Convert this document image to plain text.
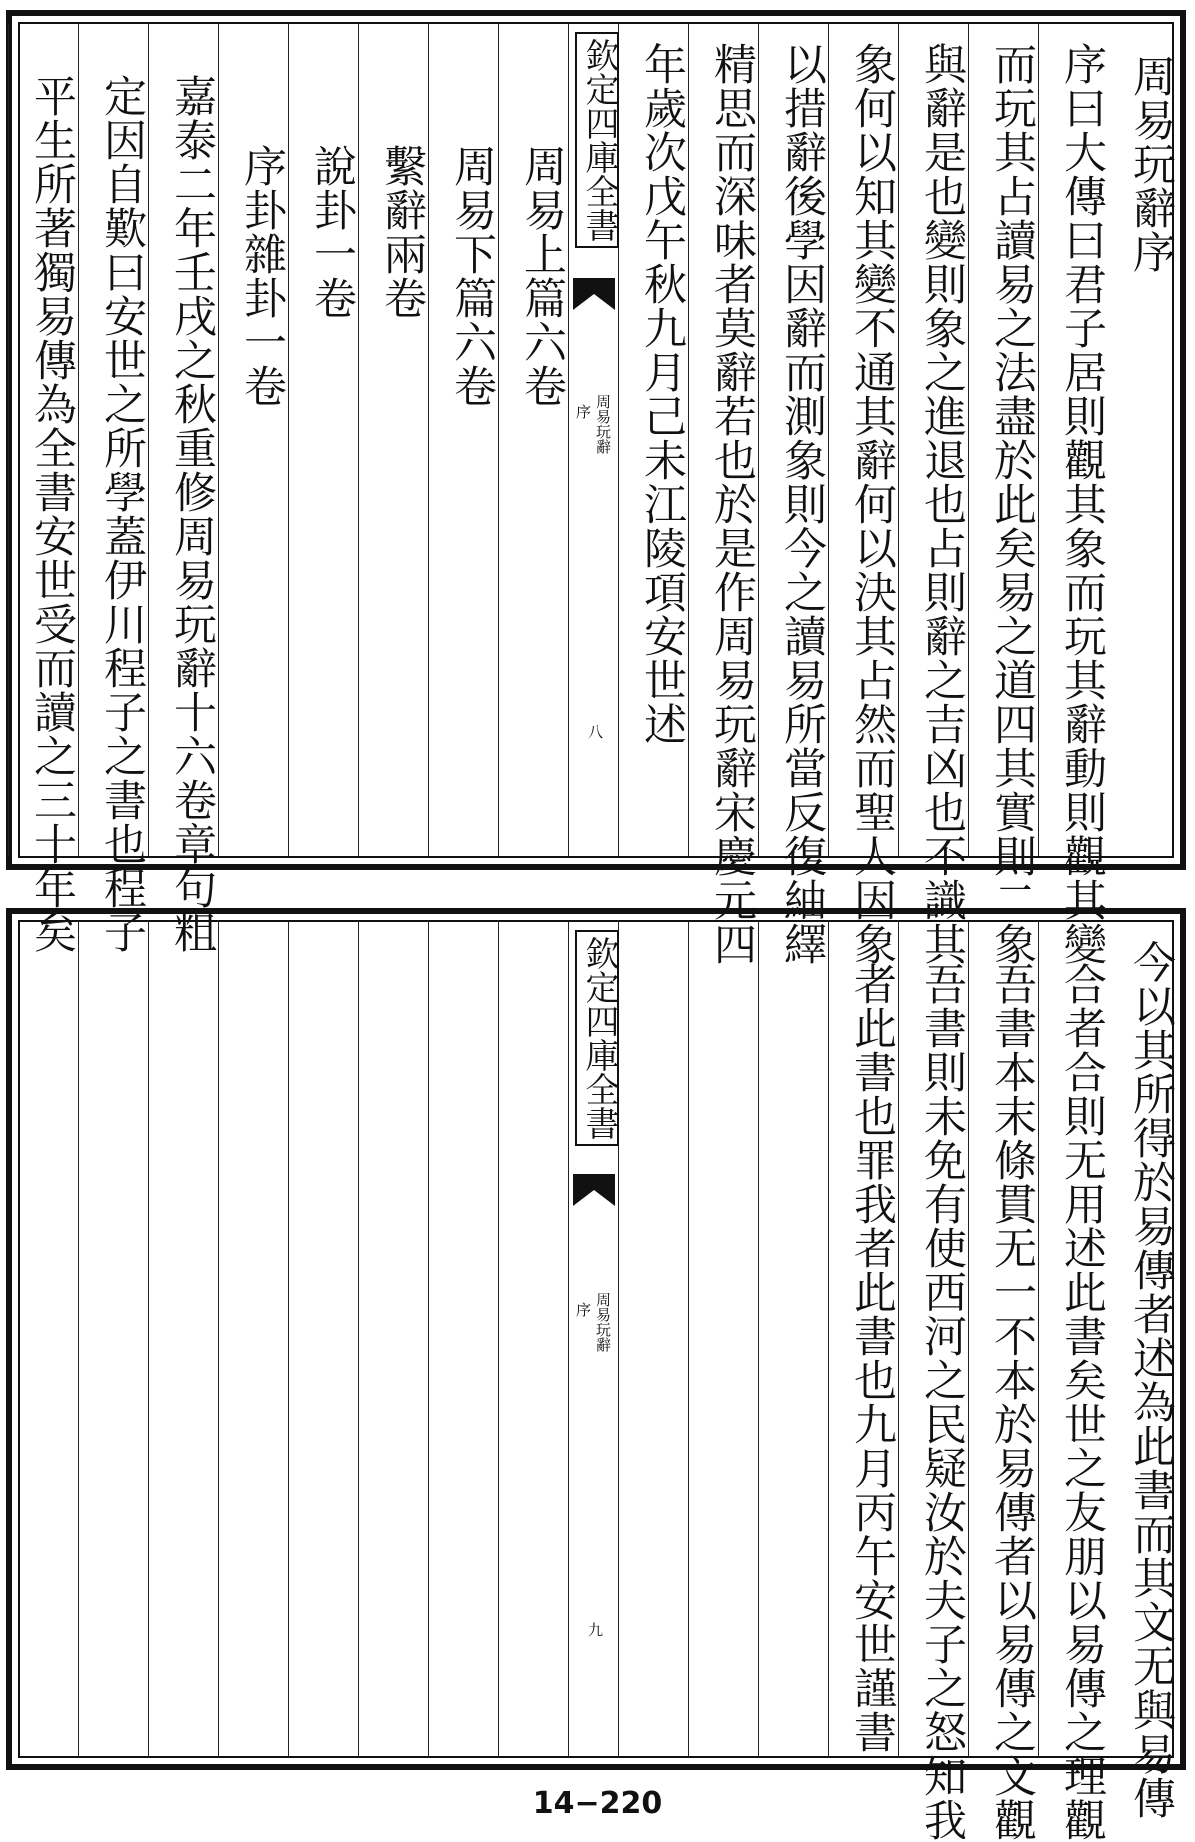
周易玩辭序
序曰大傳曰君子居則觀其象而玩其辭動則觀其變
而玩其占讀易之法盡於此矣易之道四其實則二象
與辭是也變則象之進退也占則辭之吉凶也不識其
象何以知其變不通其辭何以決其占然而聖人因象
以措辭後學因辭而測象則今之讀易所當反復紬繹
精思而深味者莫辭若也於是作周易玩辭宋慶元四
年歲次戊午秋九月己未江陵項安世述
欽定四庫全書
周易玩辭
序
八
周易上篇六卷
周易下篇六卷
繫辭兩卷
說卦一卷
序卦雜卦一卷
嘉泰二年壬戌之秋重修周易玩辭十六卷章句粗
定因自歎曰安世之所學蓋伊川程子之書也程子
平生所著獨易傳為全書安世受而讀之三十年矣
今以其所得於易傳者述為此書而其文无與易傳
合者合則无用述此書矣世之友朋以易傳之理觀
吾書本末條貫无一不本於易傳者以易傳之文觀
吾書則未免有使西河之民疑汝於夫子之怒知我
者此書也罪我者此書也九月丙午安世謹書
欽定四庫全書
周易玩辭
序
九
14−220
